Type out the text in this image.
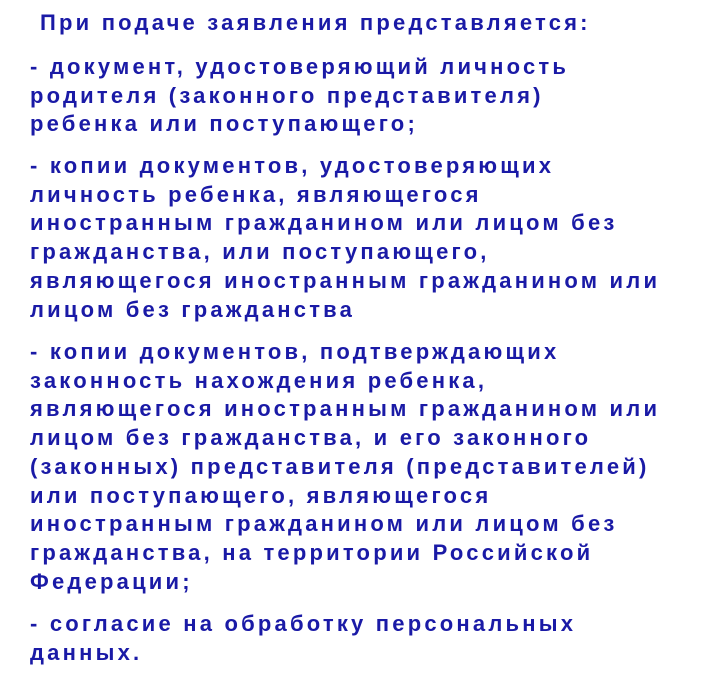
При подаче заявления представляется:

- документ, удостоверяющий личность
родителя (законного представителя)
ребенка или поступающего;
- копии документов, удостоверяющих
личность ребенка, являющегося
иностранным гражданином или лицом без
гражданства, или поступающего,
являющегося иностранным гражданином или
лицом без гражданства
- копии документов, подтверждающих
законность нахождения ребенка,
являющегося иностранным гражданином или
лицом без гражданства, и его законного
(законных) представителя (представителей)
или поступающего, являющегося
иностранным гражданином или лицом без
гражданства, на территории Российской
Федерации;
- согласие на обработку персональных
данных.
